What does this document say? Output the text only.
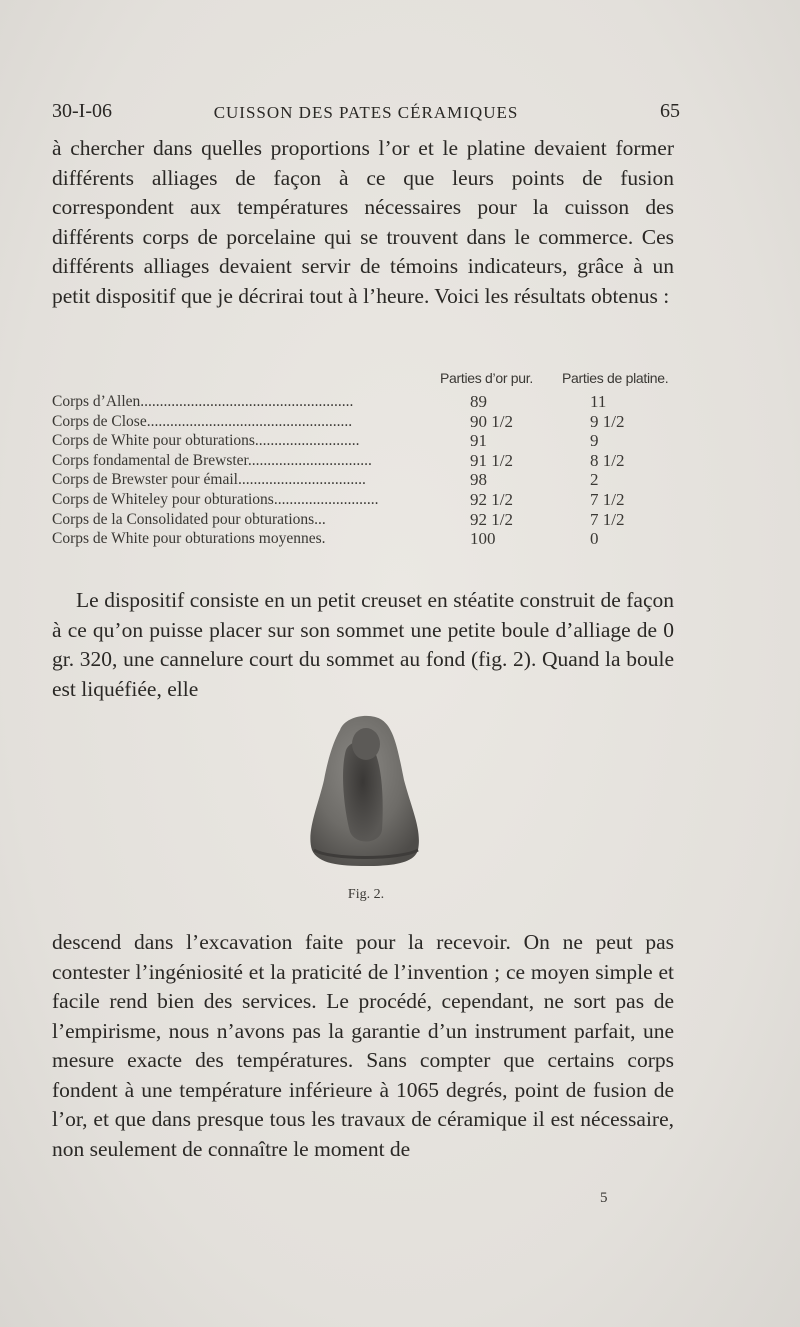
30-I-06	CUISSON DES PATES CÉRAMIQUES	65

à chercher dans quelles proportions l’or et le platine devaient former différents alliages de façon à ce que leurs points de fusion correspondent aux températures nécessaires pour la cuisson des différents corps de porcelaine qui se trouvent dans le commerce. Ces différents alliages devaient servir de témoins indicateurs, grâce à un petit dispositif que je décrirai tout à l’heure. Voici les résultats obtenus :

Parties d’or pur. Parties de platine.
Corps d’Allen.......................................................	89	11
Corps de Close.....................................................	90 1/2	9 1/2
Corps de White pour obturations...........................	91	9
Corps fondamental de Brewster................................	91 1/2	8 1/2
Corps de Brewster pour émail.................................	98	2
Corps de Whiteley pour obturations...........................	92 1/2	7 1/2
Corps de la Consolidated pour obturations...	92 1/2	7 1/2
Corps de White pour obturations moyennes.	100	0

Le dispositif consiste en un petit creuset en stéatite construit de façon à ce qu’on puisse placer sur son sommet une petite boule d’alliage de 0 gr. 320, une cannelure court du sommet au fond (fig. 2). Quand la boule est liquéfiée, elle

Fig. 2.

descend dans l’excavation faite pour la recevoir. On ne peut pas contester l’ingéniosité et la praticité de l’invention ; ce moyen simple et facile rend bien des services. Le procédé, cependant, ne sort pas de l’empirisme, nous n’avons pas la garantie d’un instrument parfait, une mesure exacte des températures. Sans compter que certains corps fondent à une température inférieure à 1065 degrés, point de fusion de l’or, et que dans presque tous les travaux de céramique il est nécessaire, non seulement de connaître le moment de

5
